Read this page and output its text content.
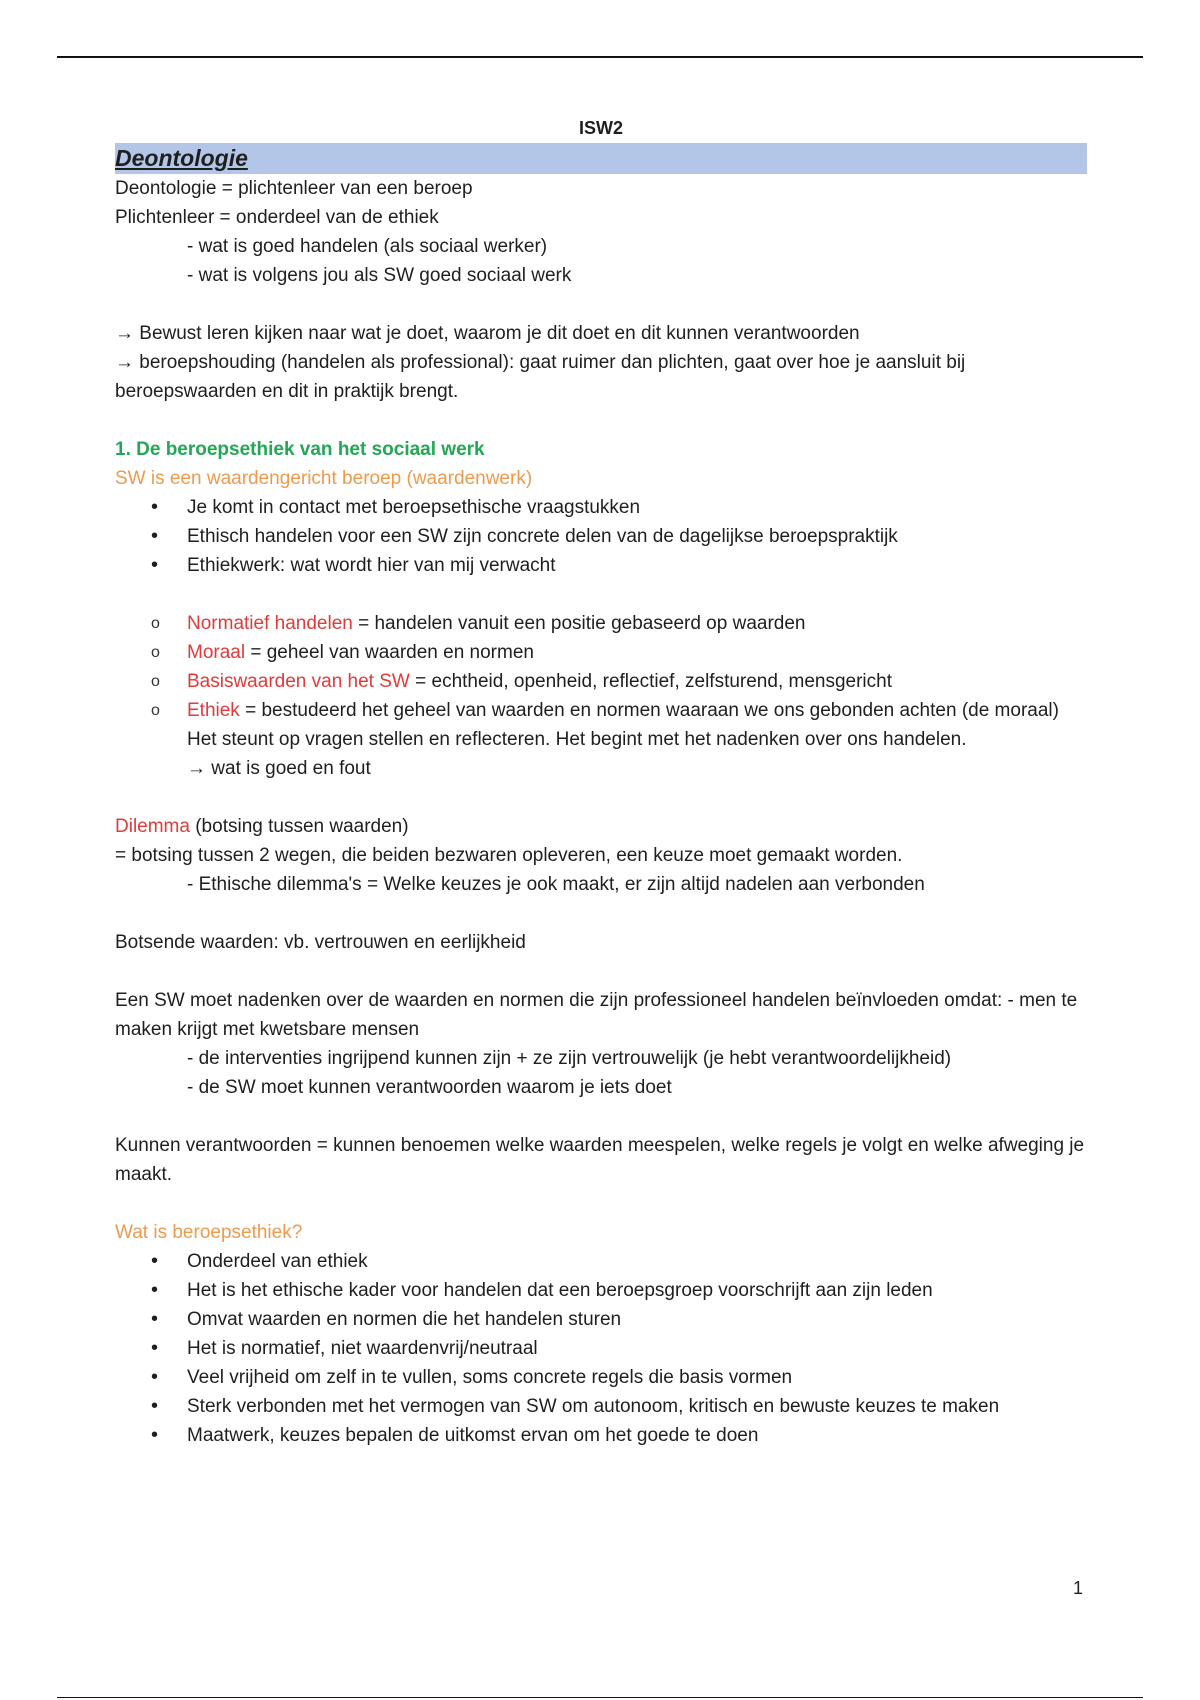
ISW2
Deontologie

Deontologie = plichtenleer van een beroep

Plichtenleer = onderdeel van de ethiek

- wat is goed handelen (als sociaal werker)

- wat is volgens jou als SW goed sociaal werk

→ Bewust leren kijken naar wat je doet, waarom je dit doet en dit kunnen verantwoorden

→ beroepshouding (handelen als professional): gaat ruimer dan plichten, gaat over hoe je aansluit bij beroepswaarden en dit in praktijk brengt.

1. De beroepsethiek van het sociaal werk

SW is een waardengericht beroep (waardenwerk)

• Je komt in contact met beroepsethische vraagstukken
• Ethisch handelen voor een SW zijn concrete delen van de dagelijkse beroepspraktijk
• Ethiekwerk: wat wordt hier van mij verwacht
o Normatief handelen = handelen vanuit een positie gebaseerd op waarden
o Moraal = geheel van waarden en normen
o Basiswaarden van het SW = echtheid, openheid, reflectief, zelfsturend, mensgericht
o Ethiek = bestudeerd het geheel van waarden en normen waaraan we ons gebonden achten (de moraal) Het steunt op vragen stellen en reflecteren. Het begint met het nadenken over ons handelen.

→ wat is goed en fout

Dilemma (botsing tussen waarden)

= botsing tussen 2 wegen, die beiden bezwaren opleveren, een keuze moet gemaakt worden.

- Ethische dilemma's = Welke keuzes je ook maakt, er zijn altijd nadelen aan verbonden

Botsende waarden: vb. vertrouwen en eerlijkheid

Een SW moet nadenken over de waarden en normen die zijn professioneel handelen beïnvloeden omdat: - men te maken krijgt met kwetsbare mensen

- de interventies ingrijpend kunnen zijn + ze zijn vertrouwelijk (je hebt verantwoordelijkheid)

- de SW moet kunnen verantwoorden waarom je iets doet

Kunnen verantwoorden = kunnen benoemen welke waarden meespelen, welke regels je volgt en welke afweging je maakt.

Wat is beroepsethiek?

• Onderdeel van ethiek
• Het is het ethische kader voor handelen dat een beroepsgroep voorschrijft aan zijn leden
• Omvat waarden en normen die het handelen sturen
• Het is normatief, niet waardenvrij/neutraal
• Veel vrijheid om zelf in te vullen, soms concrete regels die basis vormen
• Sterk verbonden met het vermogen van SW om autonoom, kritisch en bewuste keuzes te maken
• Maatwerk, keuzes bepalen de uitkomst ervan om het goede te doen
1
